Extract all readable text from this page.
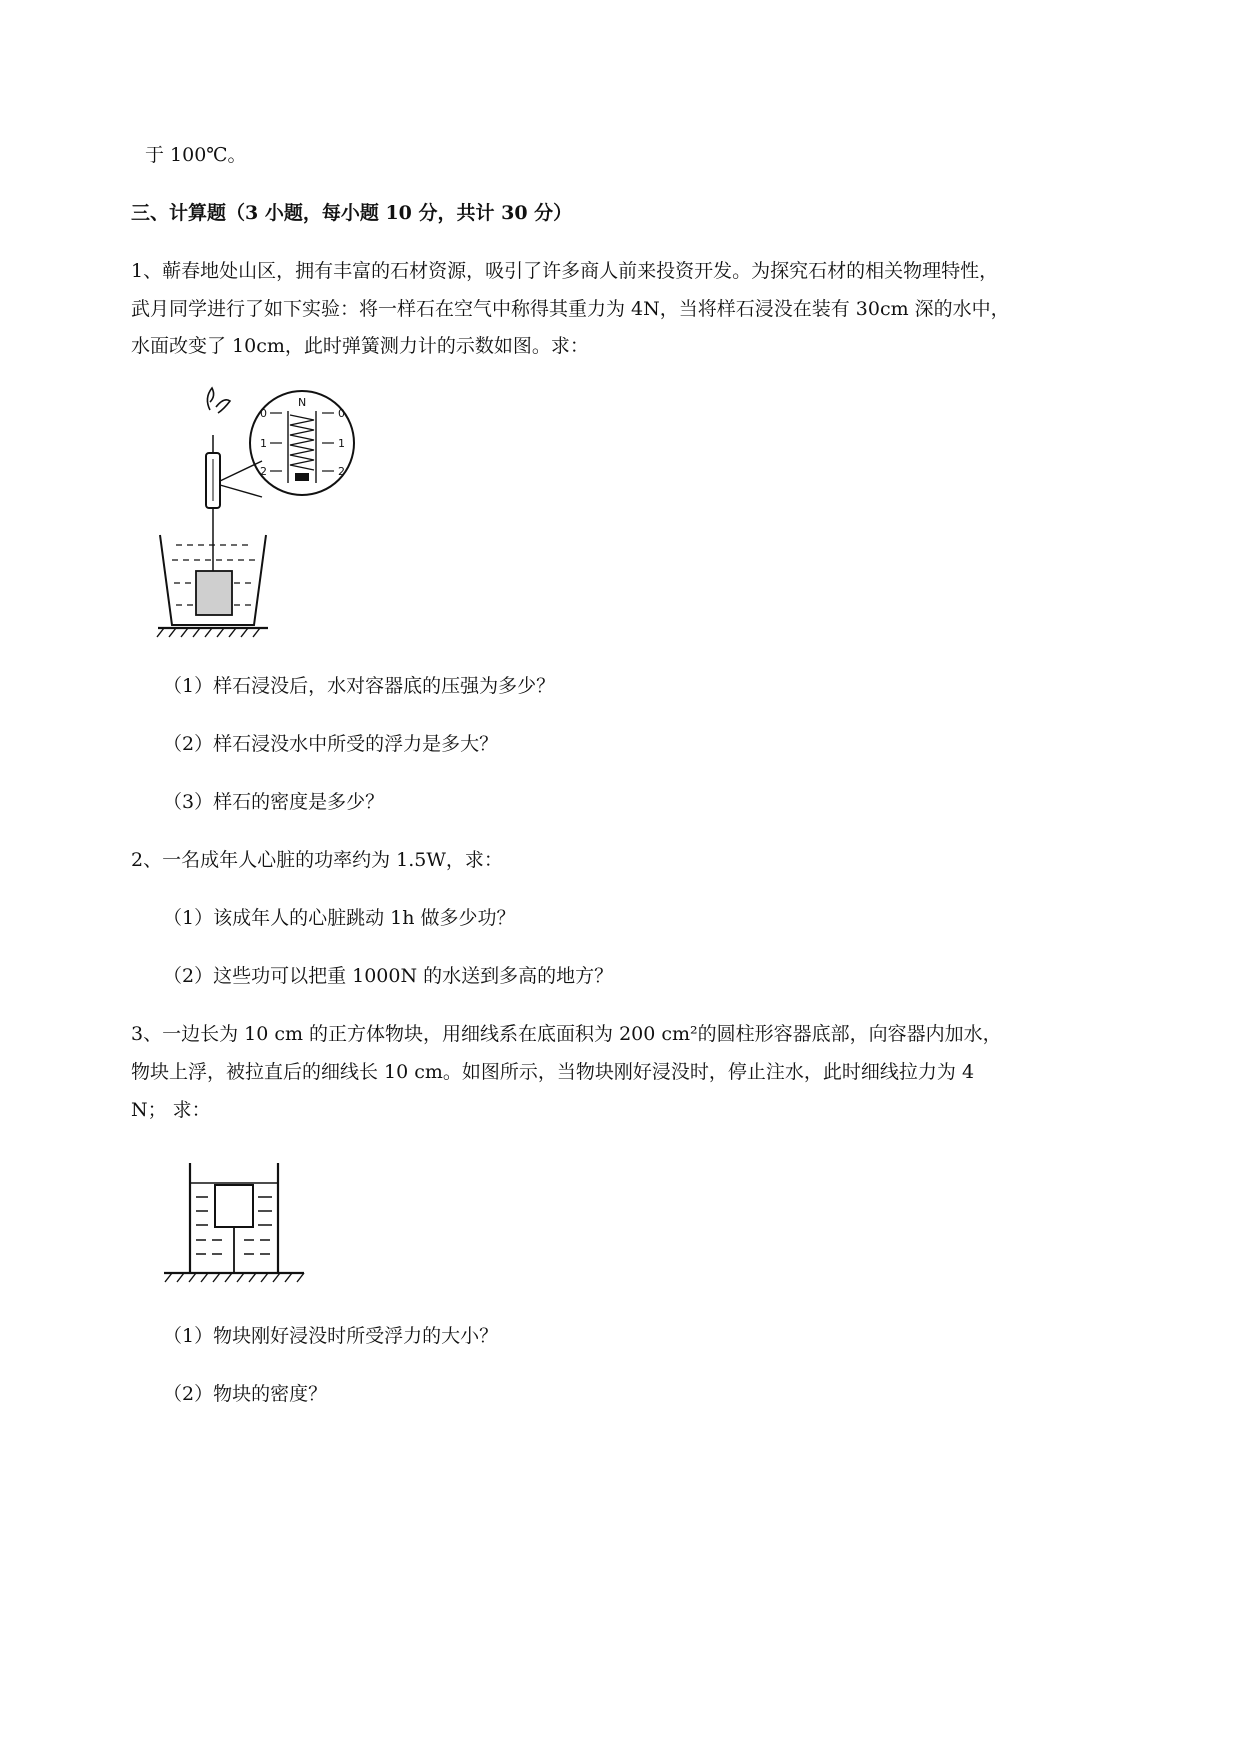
于 100℃。
三、计算题（3 小题，每小题 10 分，共计 30 分）
1、蕲春地处山区，拥有丰富的石材资源，吸引了许多商人前来投资开发。为探究石材的相关物理特性，
武月同学进行了如下实验：将一样石在空气中称得其重力为 4N，当将样石浸没在装有 30cm 深的水中，
水面改变了 10cm，此时弹簧测力计的示数如图。求：
N
0
1
2
0
1
2
（1）样石浸没后，水对容器底的压强为多少？
（2）样石浸没水中所受的浮力是多大？
（3）样石的密度是多少？
2、一名成年人心脏的功率约为 1.5W，求：
（1）该成年人的心脏跳动 1h 做多少功？
（2）这些功可以把重 1000N 的水送到多高的地方？
3、一边长为 10 cm 的正方体物块，用细线系在底面积为 200 cm²的圆柱形容器底部，向容器内加水，
物块上浮，被拉直后的细线长 10 cm。如图所示，当物块刚好浸没时，停止注水，此时细线拉力为 4
N； 求：
（1）物块刚好浸没时所受浮力的大小？
（2）物块的密度？
